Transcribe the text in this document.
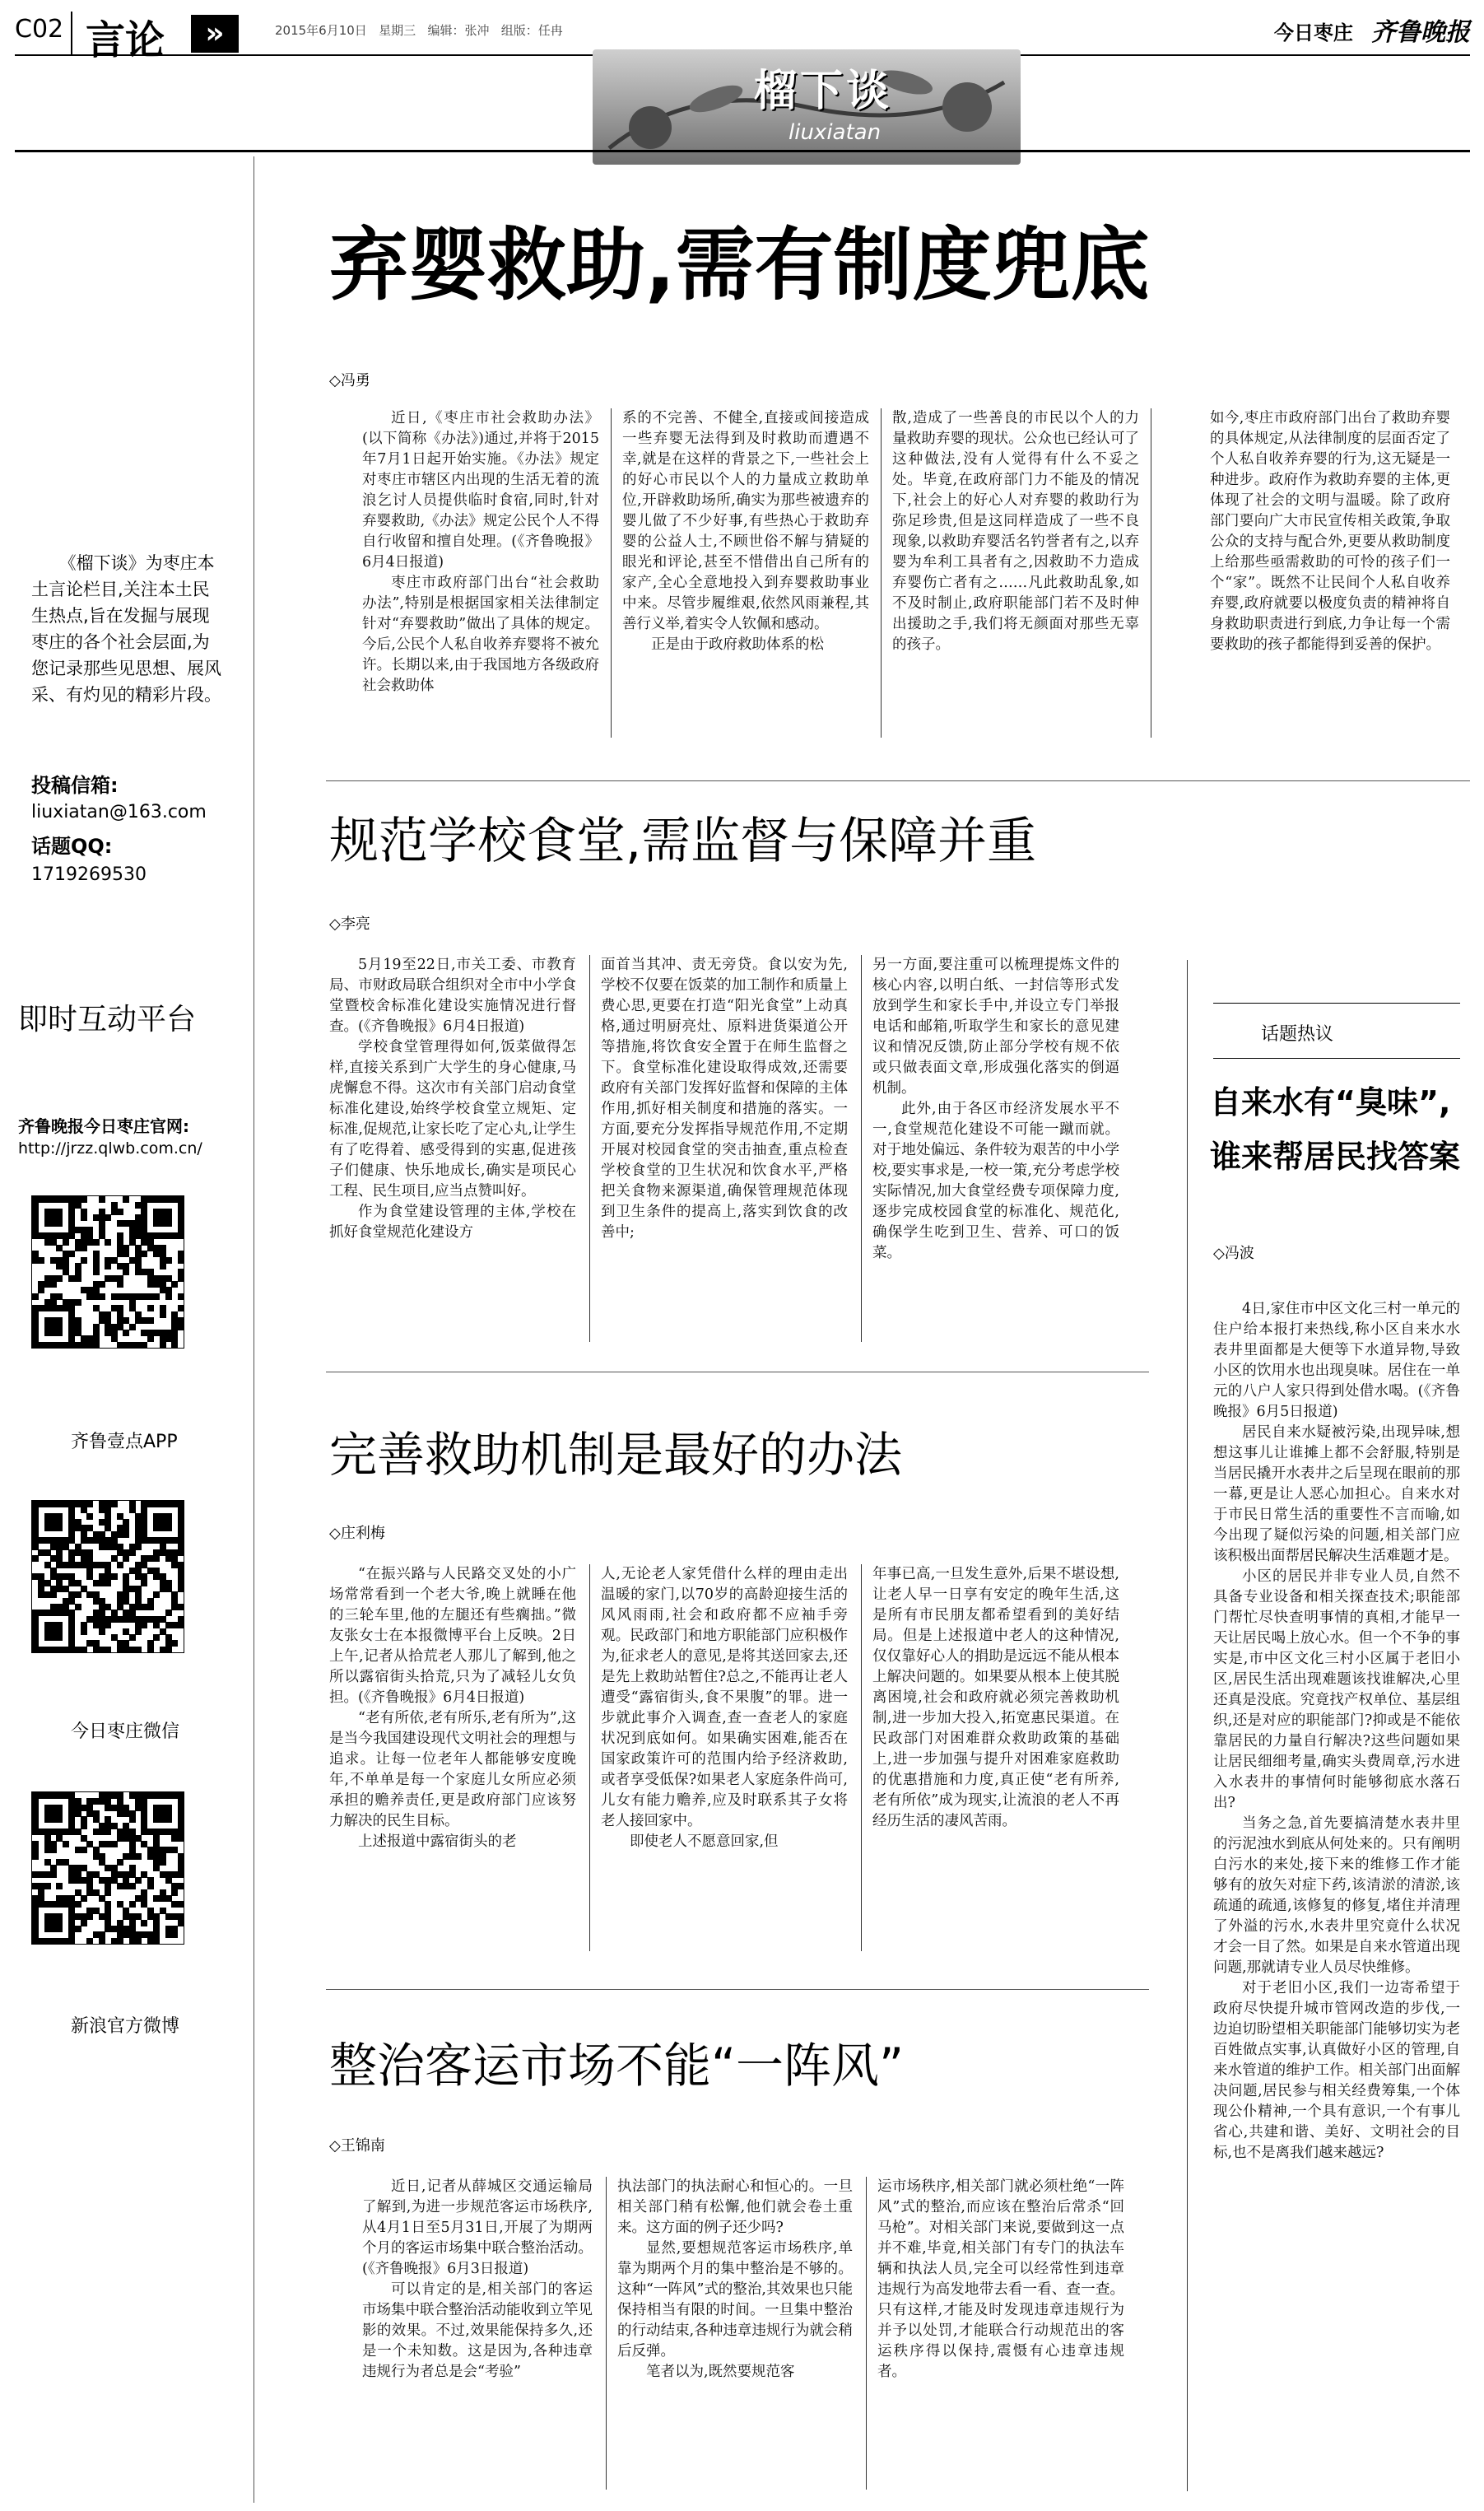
C02 言论	»	2015年6月10日 星期三 编辑：张冲 组版：任冉	今日枣庄 齐鲁晚报
榴下谈
liuxiatan
《榴下谈》为枣庄本土言论栏目,关注本土民生热点,旨在发掘与展现枣庄的各个社会层面,为您记录那些见思想、展风采、有灼见的精彩片段。
投稿信箱:
liuxiatan@163.com
话题QQ:
1719269530
即时互动平台
齐鲁晚报今日枣庄官网:
http://jrzz.qlwb.com.cn/
齐鲁壹点APP
今日枣庄微信
新浪官方微博
弃婴救助,需有制度兜底
◇冯勇

近日,《枣庄市社会救助办法》(以下简称《办法》)通过,并将于2015年7月1日起开始实施。《办法》规定对枣庄市辖区内出现的生活无着的流浪乞讨人员提供临时食宿,同时,针对弃婴救助,《办法》规定公民个人不得自行收留和擅自处理。(《齐鲁晚报》6月4日报道)

枣庄市政府部门出台“社会救助办法”,特别是根据国家相关法律制定针对“弃婴救助”做出了具体的规定。今后,公民个人私自收养弃婴将不被允许。长期以来,由于我国地方各级政府社会救助体

系的不完善、不健全,直接或间接造成一些弃婴无法得到及时救助而遭遇不幸,就是在这样的背景之下,一些社会上的好心市民以个人的力量成立救助单位,开辟救助场所,确实为那些被遗弃的婴儿做了不少好事,有些热心于救助弃婴的公益人士,不顾世俗不解与猜疑的眼光和评论,甚至不惜借出自己所有的家产,全心全意地投入到弃婴救助事业中来。尽管步履维艰,依然风雨兼程,其善行义举,着实令人钦佩和感动。

正是由于政府救助体系的松

散,造成了一些善良的市民以个人的力量救助弃婴的现状。公众也已经认可了这种做法,没有人觉得有什么不妥之处。毕竟,在政府部门力不能及的情况下,社会上的好心人对弃婴的救助行为弥足珍贵,但是这同样造成了一些不良现象,以救助弃婴活名钓誉者有之,以弃婴为牟利工具者有之,因救助不力造成弃婴伤亡者有之……凡此救助乱象,如不及时制止,政府职能部门若不及时伸出援助之手,我们将无颜面对那些无辜的孩子。

如今,枣庄市政府部门出台了救助弃婴的具体规定,从法律制度的层面否定了个人私自收养弃婴的行为,这无疑是一种进步。政府作为救助弃婴的主体,更体现了社会的文明与温暖。除了政府部门要向广大市民宣传相关政策,争取公众的支持与配合外,更要从救助制度上给那些亟需救助的可怜的孩子们一个“家”。既然不让民间个人私自收养弃婴,政府就要以极度负责的精神将自身救助职责进行到底,力争让每一个需要救助的孩子都能得到妥善的保护。

规范学校食堂,需监督与保障并重
◇李亮

5月19至22日,市关工委、市教育局、市财政局联合组织对全市中小学食堂暨校舍标准化建设实施情况进行督查。(《齐鲁晚报》6月4日报道)

学校食堂管理得如何,饭菜做得怎样,直接关系到广大学生的身心健康,马虎懈怠不得。这次市有关部门启动食堂标准化建设,始终学校食堂立规矩、定标准,促规范,让家长吃了定心丸,让学生有了吃得着、感受得到的实惠,促进孩子们健康、快乐地成长,确实是项民心工程、民生项目,应当点赞叫好。

作为食堂建设管理的主体,学校在抓好食堂规范化建设方

面首当其冲、责无旁贷。食以安为先,学校不仅要在饭菜的加工制作和质量上费心思,更要在打造“阳光食堂”上动真格,通过明厨亮灶、原料进货渠道公开等措施,将饮食安全置于在师生监督之下。食堂标准化建设取得成效,还需要政府有关部门发挥好监督和保障的主体作用,抓好相关制度和措施的落实。一方面,要充分发挥指导规范作用,不定期开展对校园食堂的突击抽查,重点检查学校食堂的卫生状况和饮食水平,严格把关食物来源渠道,确保管理规范体现到卫生条件的提高上,落实到饮食的改善中;

另一方面,要注重可以梳理提炼文件的核心内容,以明白纸、一封信等形式发放到学生和家长手中,并设立专门举报电话和邮箱,听取学生和家长的意见建议和情况反馈,防止部分学校有规不依或只做表面文章,形成强化落实的倒逼机制。

此外,由于各区市经济发展水平不一,食堂规范化建设不可能一蹴而就。对于地处偏远、条件较为艰苦的中小学校,要实事求是,一校一策,充分考虑学校实际情况,加大食堂经费专项保障力度,逐步完成校园食堂的标准化、规范化,确保学生吃到卫生、营养、可口的饭菜。

完善救助机制是最好的办法
◇庄利梅

“在振兴路与人民路交叉处的小广场常常看到一个老大爷,晚上就睡在他的三轮车里,他的左腿还有些瘸拙。”微友张女士在本报微博平台上反映。2日上午,记者从拾荒老人那儿了解到,他之所以露宿街头拾荒,只为了减轻儿女负担。(《齐鲁晚报》6月4日报道)

“老有所依,老有所乐,老有所为”,这是当今我国建设现代文明社会的理想与追求。让每一位老年人都能够安度晚年,不单单是每一个家庭儿女所应必须承担的赡养责任,更是政府部门应该努力解决的民生目标。

上述报道中露宿街头的老

人,无论老人家凭借什么样的理由走出温暖的家门,以70岁的高龄迎接生活的风风雨雨,社会和政府都不应袖手旁观。民政部门和地方职能部门应积极作为,征求老人的意见,是将其送回家去,还是先上救助站暂住?总之,不能再让老人遭受“露宿街头,食不果腹”的罪。进一步就此事介入调查,查一查老人的家庭状况到底如何。如果确实困难,能否在国家政策许可的范围内给予经济救助,或者享受低保?如果老人家庭条件尚可,儿女有能力赡养,应及时联系其子女将老人接回家中。

即使老人不愿意回家,但

年事已高,一旦发生意外,后果不堪设想,让老人早一日享有安定的晚年生活,这是所有市民朋友都希望看到的美好结局。但是上述报道中老人的这种情况,仅仅靠好心人的捐助是远远不能从根本上解决问题的。如果要从根本上使其脱离困境,社会和政府就必须完善救助机制,进一步加大投入,拓宽惠民渠道。在民政部门对困难群众救助政策的基础上,进一步加强与提升对困难家庭救助的优惠措施和力度,真正使“老有所养,老有所依”成为现实,让流浪的老人不再经历生活的凄风苦雨。

整治客运市场不能“一阵风”
◇王锦南

近日,记者从薛城区交通运输局了解到,为进一步规范客运市场秩序,从4月1日至5月31日,开展了为期两个月的客运市场集中联合整治活动。(《齐鲁晚报》6月3日报道)

可以肯定的是,相关部门的客运市场集中联合整治活动能收到立竿见影的效果。不过,效果能保持多久,还是一个未知数。这是因为,各种违章违规行为者总是会“考验”

执法部门的执法耐心和恒心的。一旦相关部门稍有松懈,他们就会卷土重来。这方面的例子还少吗?

显然,要想规范客运市场秩序,单靠为期两个月的集中整治是不够的。这种“一阵风”式的整治,其效果也只能保持相当有限的时间。一旦集中整治的行动结束,各种违章违规行为就会稍后反弹。

笔者以为,既然要规范客

运市场秩序,相关部门就必须杜绝“一阵风”式的整治,而应该在整治后常杀“回马枪”。对相关部门来说,要做到这一点并不难,毕竟,相关部门有专门的执法车辆和执法人员,完全可以经常性到违章违规行为高发地带去看一看、查一查。只有这样,才能及时发现违章违规行为并予以处罚,才能联合行动规范出的客运秩序得以保持,震慑有心违章违规者。

话题热议
自来水有“臭味”,
谁来帮居民找答案
◇冯波

4日,家住市中区文化三村一单元的住户给本报打来热线,称小区自来水水表井里面都是大便等下水道异物,导致小区的饮用水也出现臭味。居住在一单元的八户人家只得到处借水喝。(《齐鲁晚报》6月5日报道)

居民自来水疑被污染,出现异味,想想这事儿让谁摊上都不会舒服,特别是当居民撬开水表井之后呈现在眼前的那一幕,更是让人恶心加担心。自来水对于市民日常生活的重要性不言而喻,如今出现了疑似污染的问题,相关部门应该积极出面帮居民解决生活难题才是。

小区的居民并非专业人员,自然不具备专业设备和相关探查技术;职能部门帮忙尽快查明事情的真相,才能早一天让居民喝上放心水。但一个不争的事实是,市中区文化三村小区属于老旧小区,居民生活出现难题该找谁解决,心里还真是没底。究竟找产权单位、基层组织,还是对应的职能部门?抑或是不能依靠居民的力量自行解决?这些问题如果让居民细细考量,确实头费周章,污水进入水表井的事情何时能够彻底水落石出?

当务之急,首先要搞清楚水表井里的污泥浊水到底从何处来的。只有阐明白污水的来处,接下来的维修工作才能够有的放矢对症下药,该清淤的清淤,该疏通的疏通,该修复的修复,堵住并清理了外溢的污水,水表井里究竟什么状况才会一目了然。如果是自来水管道出现问题,那就请专业人员尽快维修。

对于老旧小区,我们一边寄希望于政府尽快提升城市管网改造的步伐,一边迫切盼望相关职能部门能够切实为老百姓做点实事,认真做好小区的管理,自来水管道的维护工作。相关部门出面解决问题,居民参与相关经费筹集,一个体现公仆精神,一个具有意识,一个有事儿省心,共建和谐、美好、文明社会的目标,也不是离我们越来越远?
